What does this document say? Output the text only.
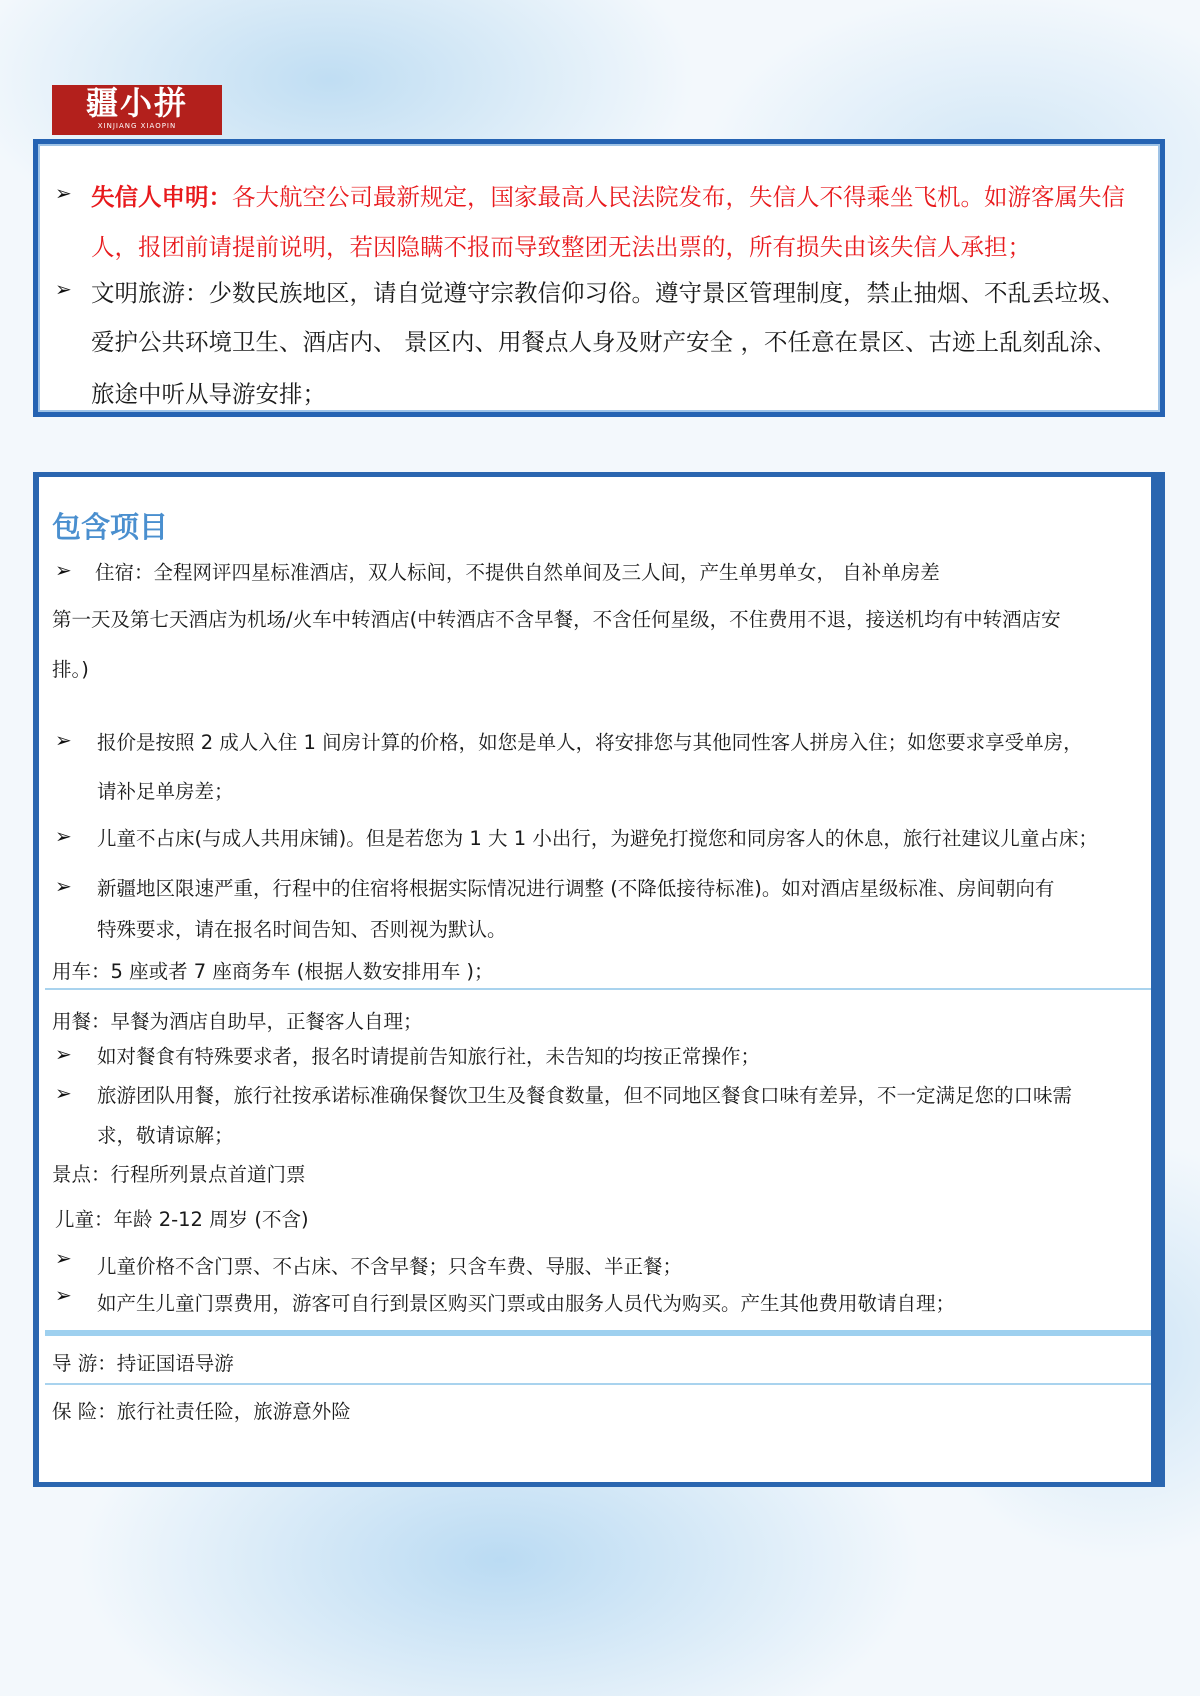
疆小拼
XINJIANG XIAOPIN
➢ 失信人申明：各大航空公司最新规定，国家最高人民法院发布，失信人不得乘坐飞机。如游客属失信
人，报团前请提前说明，若因隐瞒不报而导致整团无法出票的，所有损失由该失信人承担；
➢ 文明旅游：少数民族地区，请自觉遵守宗教信仰习俗。遵守景区管理制度，禁止抽烟、不乱丢垃圾、
爱护公共环境卫生、酒店内、 景区内、用餐点人身及财产安全 ，不任意在景区、古迹上乱刻乱涂、
旅途中听从导游安排；
包含项目
➢ 住宿：全程网评四星标准酒店，双人标间，不提供自然单间及三人间，产生单男单女， 自补单房差
第一天及第七天酒店为机场/火车中转酒店(中转酒店不含早餐，不含任何星级，不住费用不退，接送机均有中转酒店安
排。)
➢ 报价是按照 2 成人入住 1 间房计算的价格，如您是单人，将安排您与其他同性客人拼房入住；如您要求享受单房，
请补足单房差；
➢ 儿童不占床(与成人共用床铺)。但是若您为 1 大 1 小出行，为避免打搅您和同房客人的休息，旅行社建议儿童占床；
➢ 新疆地区限速严重，行程中的住宿将根据实际情况进行调整 (不降低接待标准)。如对酒店星级标准、房间朝向有
特殊要求，请在报名时间告知、否则视为默认。
用车：5 座或者 7 座商务车 (根据人数安排用车 )；
用餐：早餐为酒店自助早，正餐客人自理；
➢ 如对餐食有特殊要求者，报名时请提前告知旅行社，未告知的均按正常操作；
➢ 旅游团队用餐，旅行社按承诺标准确保餐饮卫生及餐食数量，但不同地区餐食口味有差异，不一定满足您的口味需
求，敬请谅解；
景点：行程所列景点首道门票
儿童：年龄 2-12 周岁 (不含)
➢ 儿童价格不含门票、不占床、不含早餐；只含车费、导服、半正餐；
➢ 如产生儿童门票费用，游客可自行到景区购买门票或由服务人员代为购买。产生其他费用敬请自理；
导 游：持证国语导游
保 险：旅行社责任险，旅游意外险
